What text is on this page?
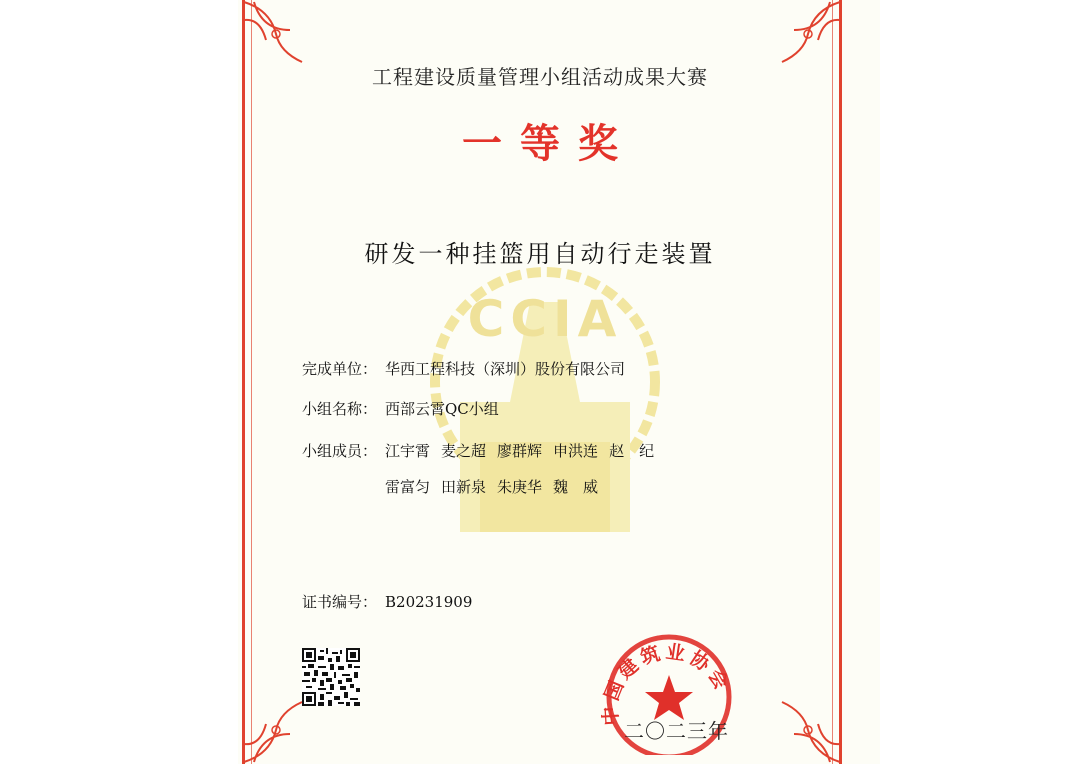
CCIA
工程建设质量管理小组活动成果大赛
一等奖
研发一种挂篮用自动行走装置
完成单位： 华西工程科技（深圳）股份有限公司
小组名称： 西部云霄QC小组
小组成员： 江宇霄 麦之超 廖群辉 申洪连 赵　纪
雷富匀 田新泉 朱庚华 魏　威
证书编号： B20231909
中国建筑业协会
二〇二三年
